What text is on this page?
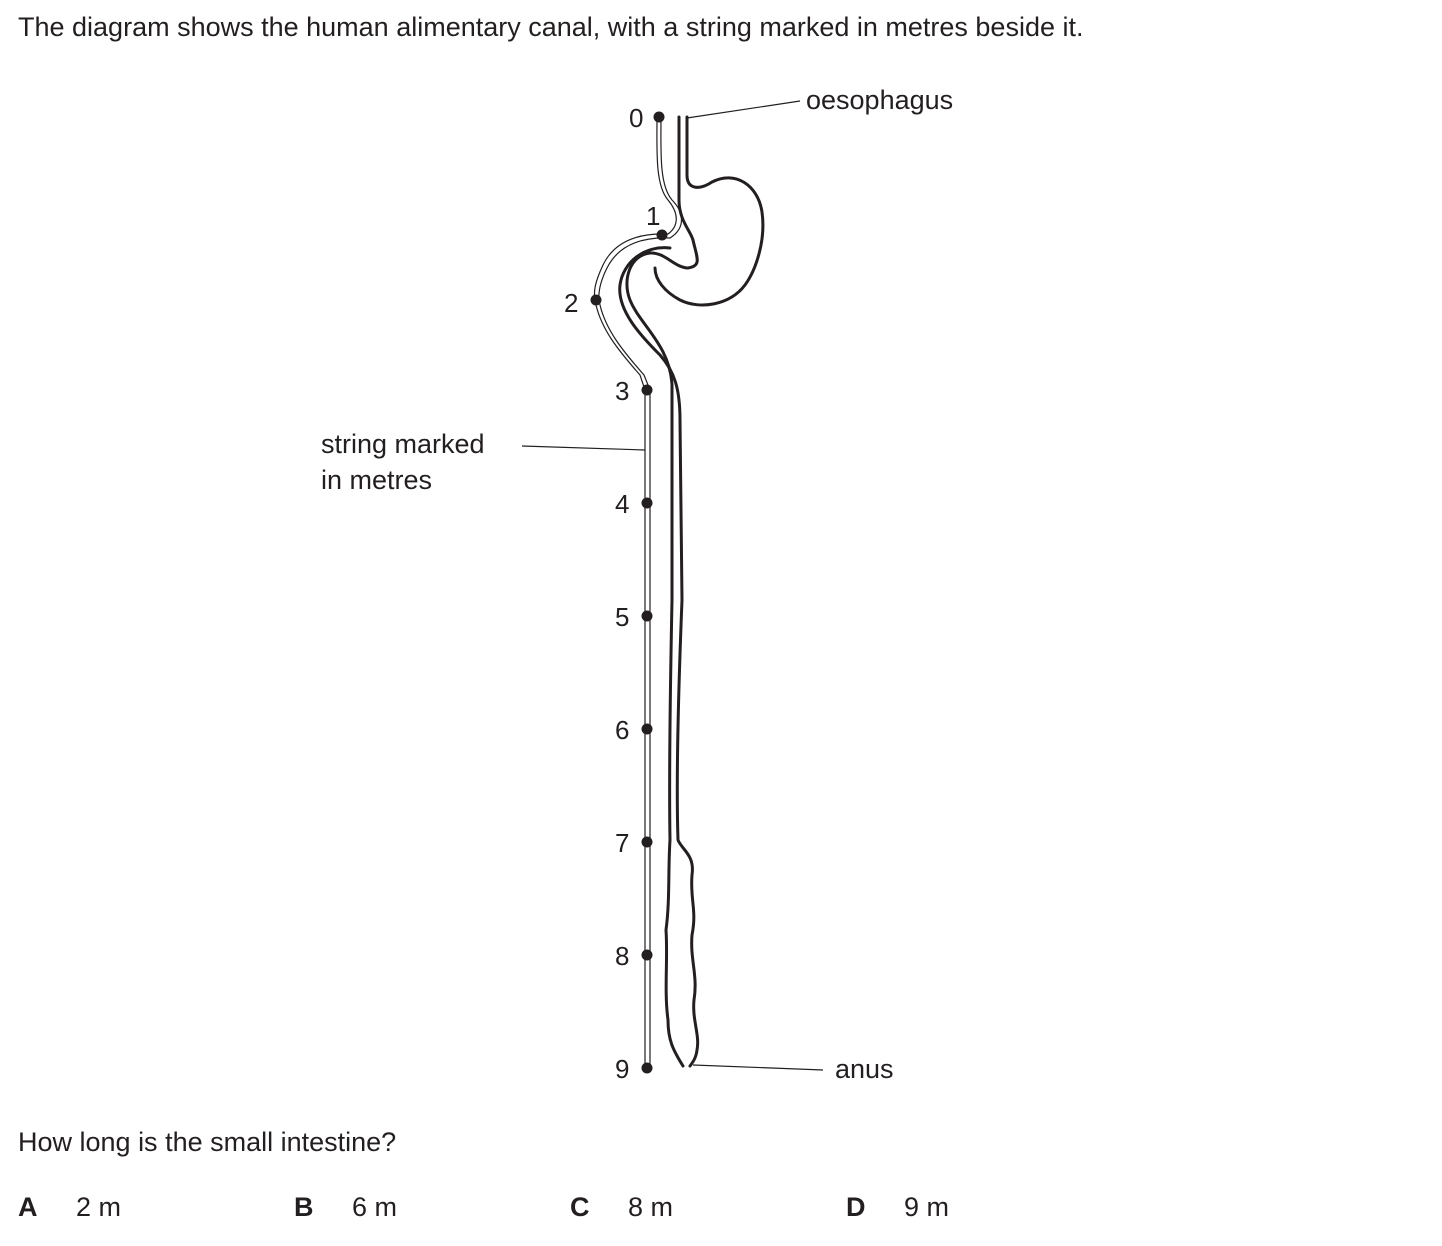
The diagram shows the human alimentary canal, with a string marked in metres beside it.

0
1
2
3
4
5
6
7
8
9
oesophagus
string marked
in metres
anus

How long is the small intestine?

A 2 m	B 6 m	C 8 m	D 9 m
